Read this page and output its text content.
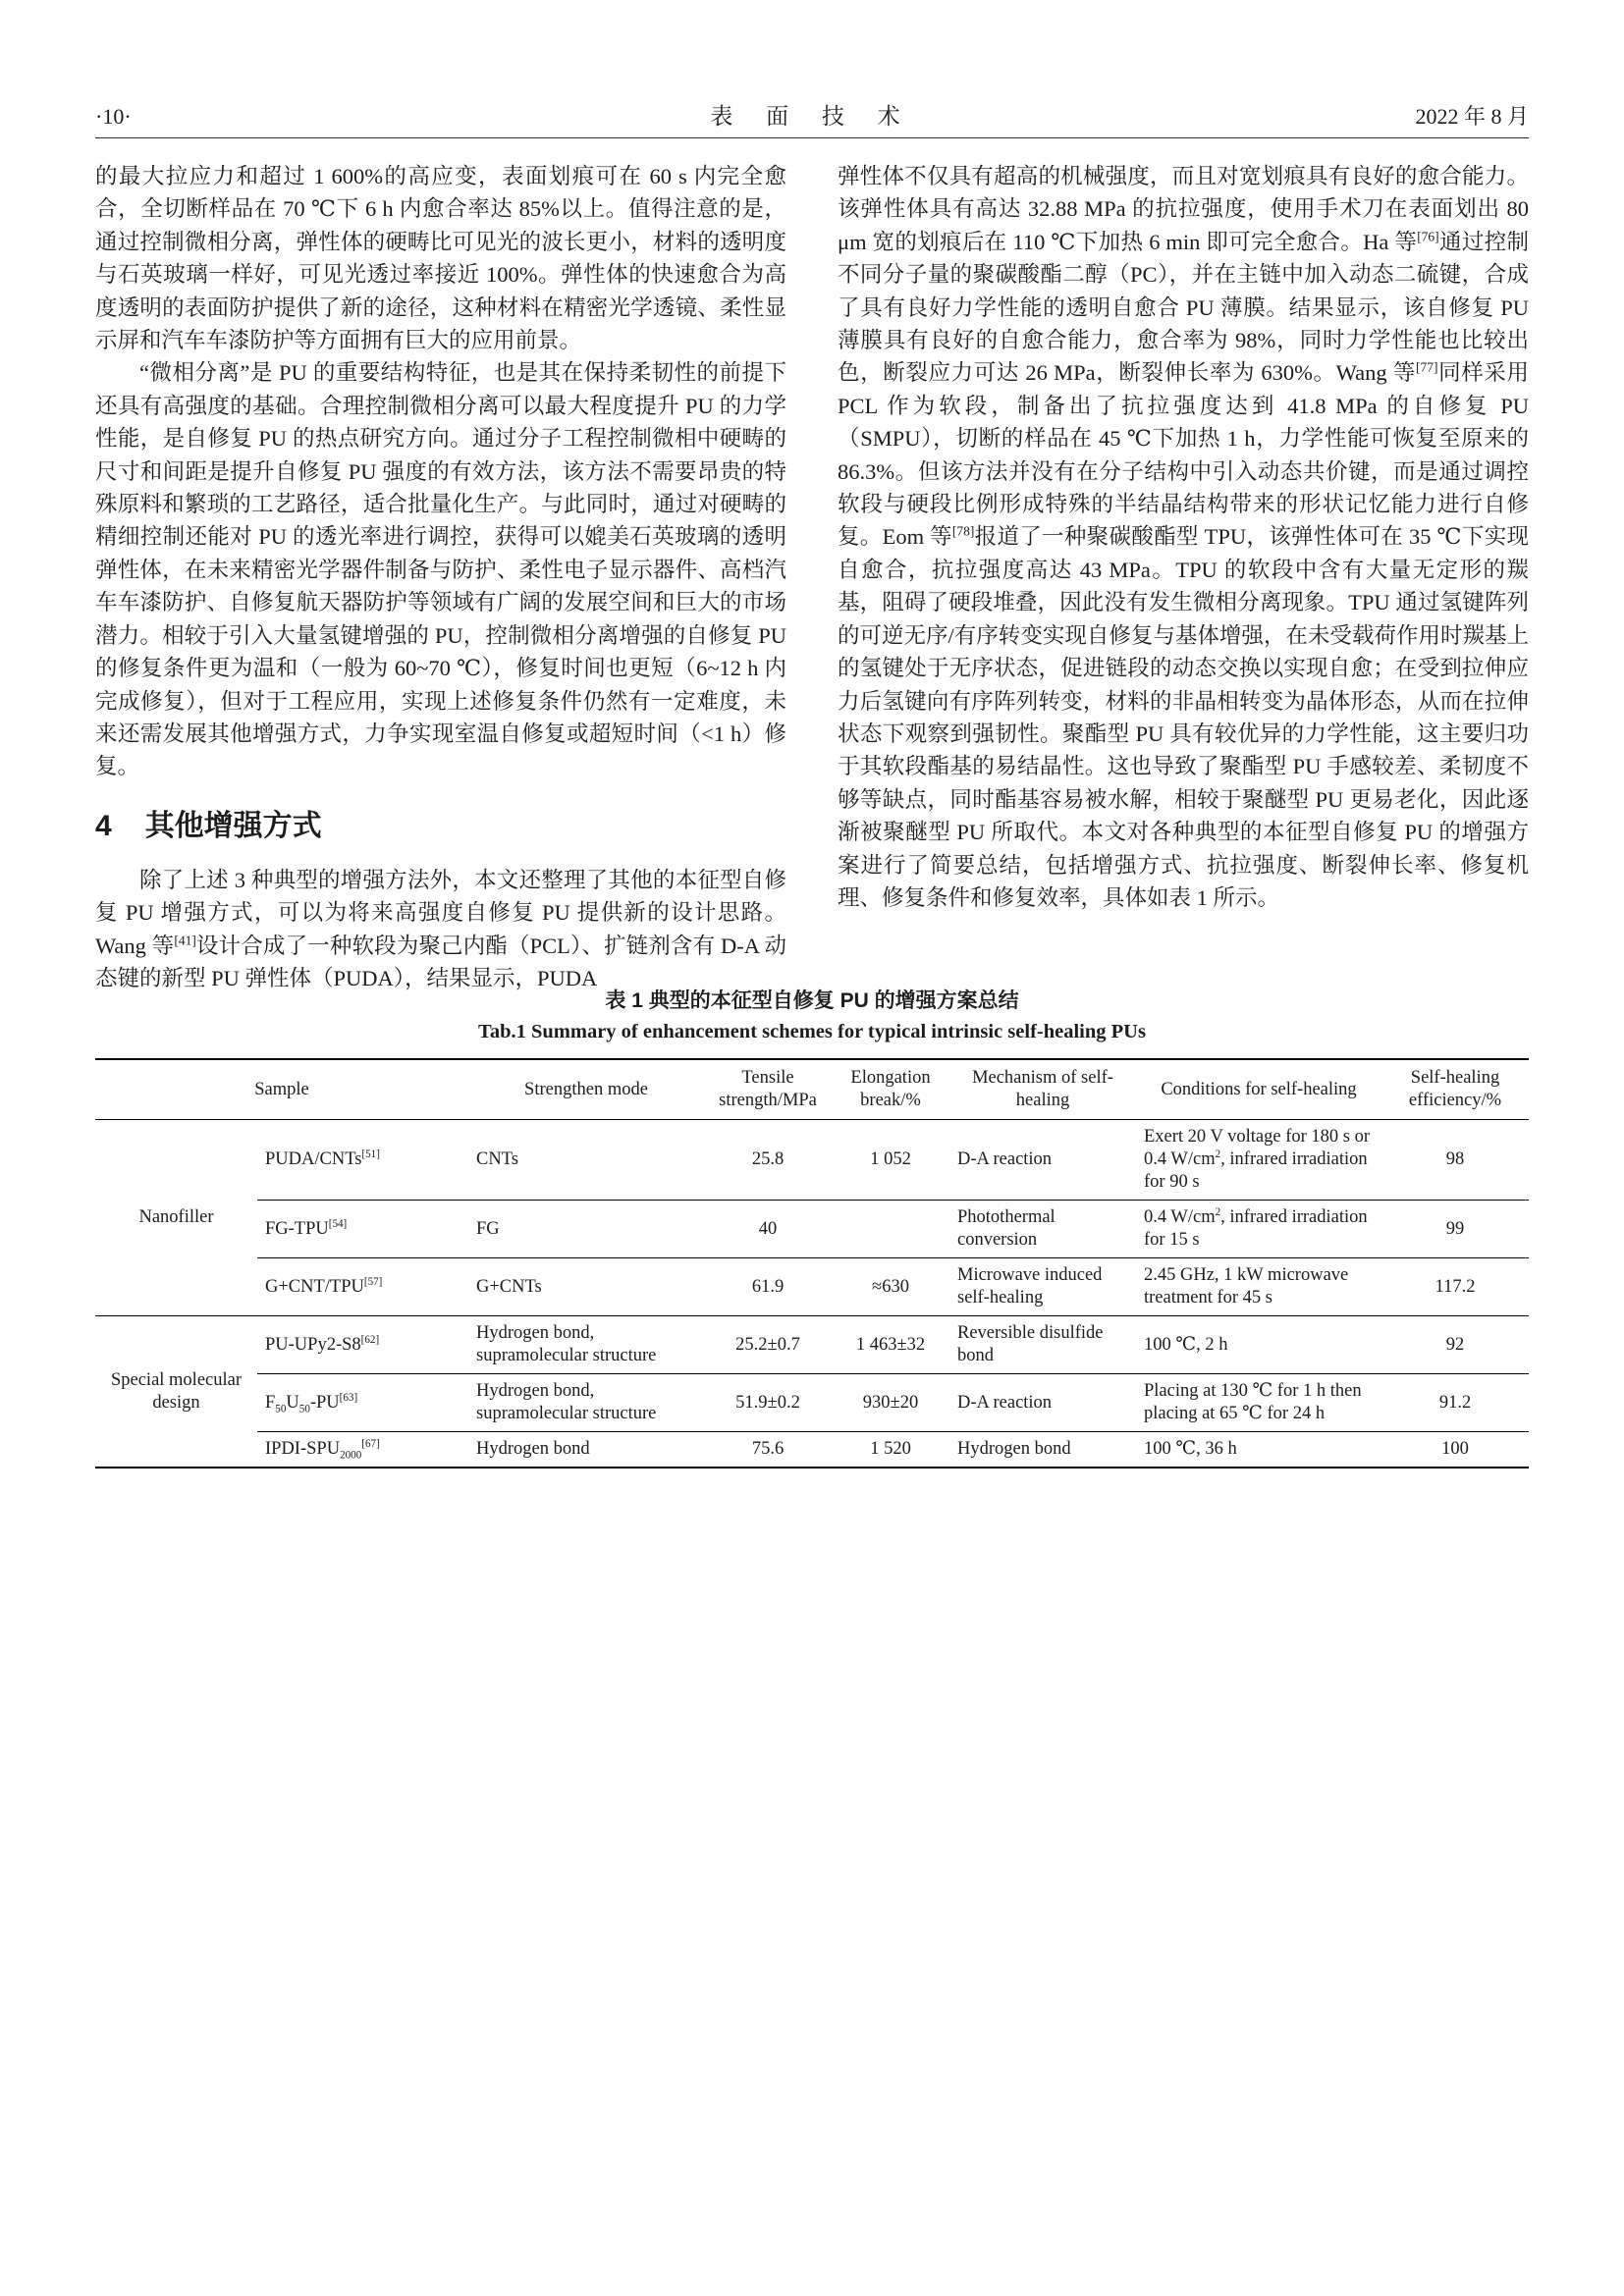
·10·	表 面 技 术	2022 年 8 月

的最大拉应力和超过 1 600%的高应变，表面划痕可在 60 s 内完全愈合，全切断样品在 70 ℃下 6 h 内愈合率达 85%以上。值得注意的是，通过控制微相分离，弹性体的硬畴比可见光的波长更小，材料的透明度与石英玻璃一样好，可见光透过率接近 100%。弹性体的快速愈合为高度透明的表面防护提供了新的途径，这种材料在精密光学透镜、柔性显示屏和汽车车漆防护等方面拥有巨大的应用前景。

“微相分离”是 PU 的重要结构特征，也是其在保持柔韧性的前提下还具有高强度的基础。合理控制微相分离可以最大程度提升 PU 的力学性能，是自修复 PU 的热点研究方向。通过分子工程控制微相中硬畴的尺寸和间距是提升自修复 PU 强度的有效方法，该方法不需要昂贵的特殊原料和繁琐的工艺路径，适合批量化生产。与此同时，通过对硬畴的精细控制还能对 PU 的透光率进行调控，获得可以媲美石英玻璃的透明弹性体，在未来精密光学器件制备与防护、柔性电子显示器件、高档汽车车漆防护、自修复航天器防护等领域有广阔的发展空间和巨大的市场潜力。相较于引入大量氢键增强的 PU，控制微相分离增强的自修复 PU 的修复条件更为温和（一般为 60~70 ℃），修复时间也更短（6~12 h 内完成修复），但对于工程应用，实现上述修复条件仍然有一定难度，未来还需发展其他增强方式，力争实现室温自修复或超短时间（<1 h）修复。

4 其他增强方式

除了上述 3 种典型的增强方法外，本文还整理了其他的本征型自修复 PU 增强方式，可以为将来高强度自修复 PU 提供新的设计思路。Wang 等[41]设计合成了一种软段为聚己内酯（PCL）、扩链剂含有 D-A 动态键的新型 PU 弹性体（PUDA），结果显示，PUDA

弹性体不仅具有超高的机械强度，而且对宽划痕具有良好的愈合能力。该弹性体具有高达 32.88 MPa 的抗拉强度，使用手术刀在表面划出 80 μm 宽的划痕后在 110 ℃下加热 6 min 即可完全愈合。Ha 等[76]通过控制不同分子量的聚碳酸酯二醇（PC），并在主链中加入动态二硫键，合成了具有良好力学性能的透明自愈合 PU 薄膜。结果显示，该自修复 PU 薄膜具有良好的自愈合能力，愈合率为 98%，同时力学性能也比较出色，断裂应力可达 26 MPa，断裂伸长率为 630%。Wang 等[77]同样采用 PCL 作为软段，制备出了抗拉强度达到 41.8 MPa 的自修复 PU（SMPU），切断的样品在 45 ℃下加热 1 h，力学性能可恢复至原来的 86.3%。但该方法并没有在分子结构中引入动态共价键，而是通过调控软段与硬段比例形成特殊的半结晶结构带来的形状记忆能力进行自修复。Eom 等[78]报道了一种聚碳酸酯型 TPU，该弹性体可在 35 ℃下实现自愈合，抗拉强度高达 43 MPa。TPU 的软段中含有大量无定形的羰基，阻碍了硬段堆叠，因此没有发生微相分离现象。TPU 通过氢键阵列的可逆无序/有序转变实现自修复与基体增强，在未受载荷作用时羰基上的氢键处于无序状态，促进链段的动态交换以实现自愈；在受到拉伸应力后氢键向有序阵列转变，材料的非晶相转变为晶体形态，从而在拉伸状态下观察到强韧性。聚酯型 PU 具有较优异的力学性能，这主要归功于其软段酯基的易结晶性。这也导致了聚酯型 PU 手感较差、柔韧度不够等缺点，同时酯基容易被水解，相较于聚醚型 PU 更易老化，因此逐渐被聚醚型 PU 所取代。本文对各种典型的本征型自修复 PU 的增强方案进行了简要总结，包括增强方式、抗拉强度、断裂伸长率、修复机理、修复条件和修复效率，具体如表 1 所示。

表 1 典型的本征型自修复 PU 的增强方案总结
Tab.1 Summary of enhancement schemes for typical intrinsic self-healing PUs
Sample		Strengthen mode	Tensile strength/MPa	Elongation break/%	Mechanism of self-healing	Conditions for self-healing	Self-healing efficiency/%
Nanofiller	PUDA/CNTs[51]	CNTs	25.8	1 052	D-A reaction	Exert 20 V voltage for 180 s or 0.4 $W/cm^2$, infrared irradiation for 90 s	98
	FG-TPU[54]	FG	40		Photothermal conversion	0.4 $W/cm^2$, infrared irradiation for 15 s	99
	G+CNT/TPU[57]	G+CNTs	61.9	≈630	Microwave induced self-healing	2.45 GHz, 1 kW microwave treatment for 45 s	117.2
Special molecular design	PU-UPy2-S8[62]	Hydrogen bond, supramolecular structure	25.2±0.7	1 463±32	Reversible disulfide bond	100 ℃, 2 h	92
	$F_{50}U_{50}-PU[63]$	Hydrogen bond, supramolecular structure	51.9±0.2	930±20	D-A reaction	Placing at 130 ℃ for 1 h then placing at 65 ℃ for 24 h	91.2
	IPDI-$SPU_{2000}[67]$	Hydrogen bond	75.6	1 520	Hydrogen bond	100 ℃, 36 h	100
